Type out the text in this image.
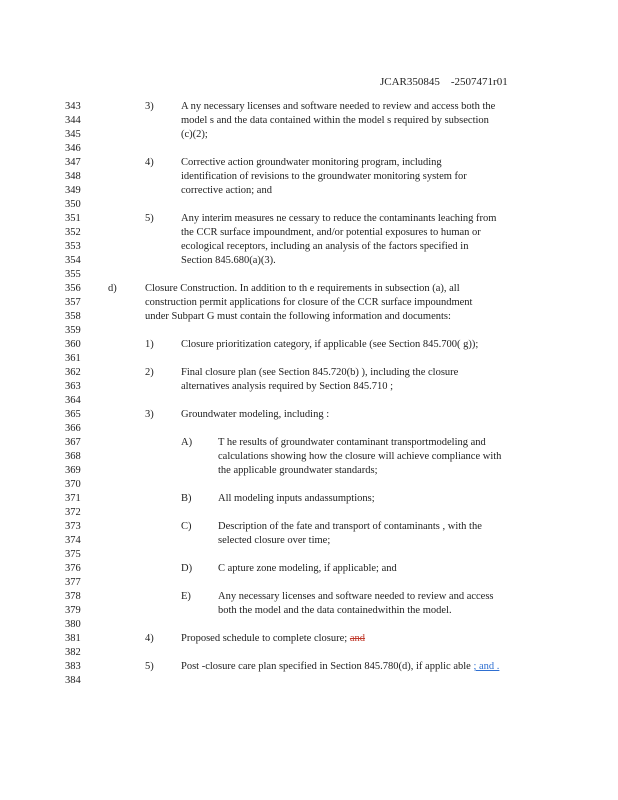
JCAR350845    -2507471r01
343
344
345
346
347
348
349
350
351
352
353
354
355
356
357
358
359
360
361
362
363
364
365
366
367
368
369
370
371
372
373
374
375
376
377
378
379
380
381
382
383
384
3)	A ny necessary licenses and software needed to review and access both the
model s and the data contained within the model s required by subsection
(c)(2);
4)	Corrective action groundwater monitoring program, including
identification of revisions to the groundwater monitoring system for
corrective action; and
5)	Any interim measures ne cessary to reduce the contaminants leaching from
the CCR surface impoundment, and/or potential exposures to human or
ecological receptors, including an analysis of the factors specified in
Section 845.680(a)(3).
d)	Closure Construction. In addition to th e requirements in subsection (a), all
construction permit applications for closure of the CCR surface impoundment
under Subpart G must contain the following information and documents:
1)	Closure prioritization category, if applicable (see Section 845.700( g));
2)	Final closure plan (see Section 845.720(b) ), including the closure
alternatives analysis required by Section 845.710 ;
3)	Groundwater modeling, including :
A) T he results of groundwater contaminant transportmodeling and
calculations showing how the closure will achieve compliance with
the applicable groundwater standards;
B)	All modeling inputs andassumptions;
C)	Description of the fate and transport of contaminants , with the
selected closure over time;
D) C apture zone modeling, if applicable; and
E)	Any necessary licenses and software needed to review and access
both the model and the data containedwithin the model.
4)	Proposed schedule to complete closure; and
5)	Post -closure care plan specified in Section 845.780(d), if applic able ; and .
